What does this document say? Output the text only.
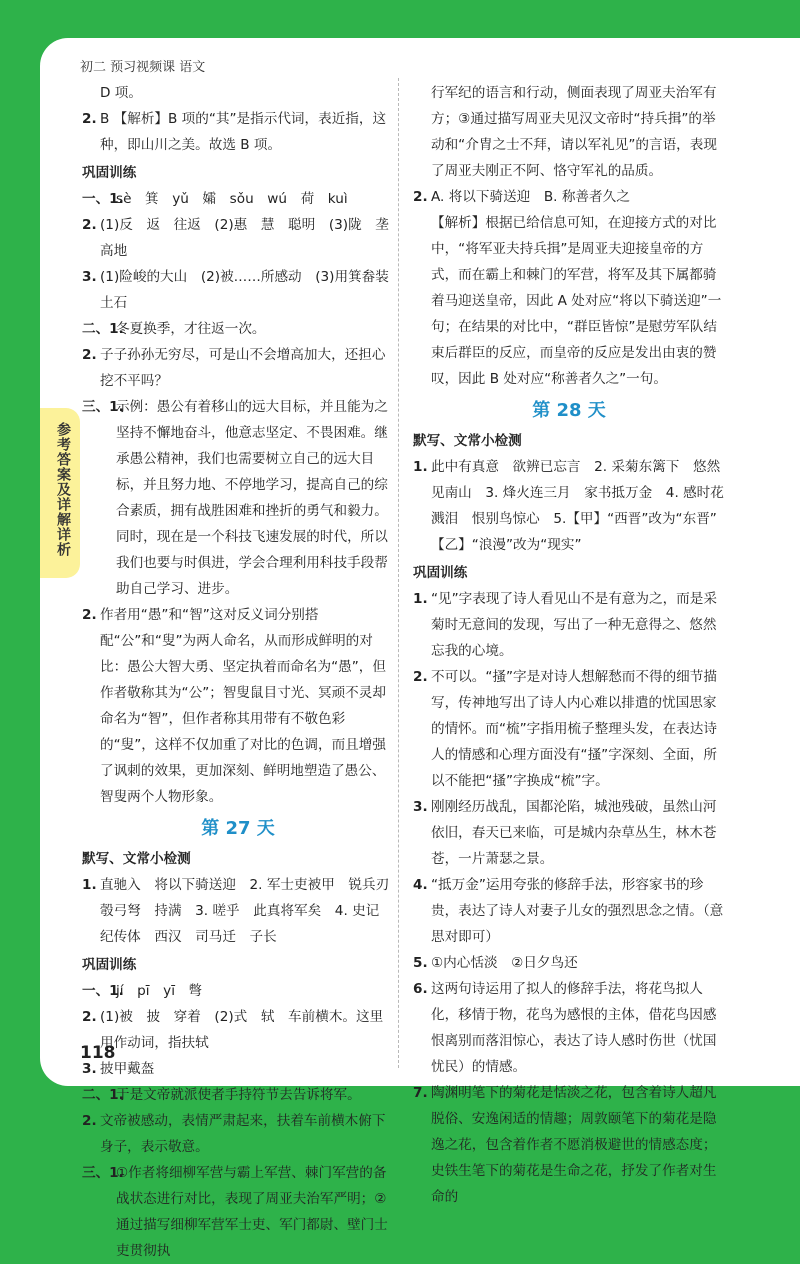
初二 预习视频课 语文
参考答案及详解详析
D 项。
2. B 【解析】B 项的“其”是指示代词，表近指，这种，即山川之美。故选 B 项。
巩固训练
一、1.
sè　箕　yǔ　孀　sǒu　wú　荷　kuì
2. (1)反　返　往返　(2)惠　慧　聪明　(3)陇　垄　高地
3. (1)险峻的大山　(2)被……所感动　(3)用箕畚装土石
二、1.
冬夏换季，才往返一次。
2. 子子孙孙无穷尽，可是山不会增高加大，还担心挖不平吗？
三、1.
示例：愚公有着移山的远大目标，并且能为之坚持不懈地奋斗，他意志坚定、不畏困难。继承愚公精神，我们也需要树立自己的远大目标，并且努力地、不停地学习，提高自己的综合素质，拥有战胜困难和挫折的勇气和毅力。同时，现在是一个科技飞速发展的时代，所以我们也要与时俱进，学会合理利用科技手段帮助自己学习、进步。
2. 作者用“愚”和“智”这对反义词分别搭配“公”和“叟”为两人命名，从而形成鲜明的对比：愚公大智大勇、坚定执着而命名为“愚”，但作者敬称其为“公”；智叟鼠目寸光、冥顽不灵却命名为“智”，但作者称其用带有不敬色彩的“叟”，这样不仅加重了对比的色调，而且增强了讽刺的效果，更加深刻、鲜明地塑造了愚公、智叟两个人物形象。
第 27 天
默写、文常小检测
1. 直驰入　将以下骑送迎　2. 军士吏被甲　锐兵刃　彀弓弩　持满　3. 嗟乎　此真将军矣　4. 史记　纪传体　西汉　司马迁　子长
巩固训练
一、1.
jí　pī　yī　彆
2. (1)被　披　穿着　(2)式　轼　车前横木。这里用作动词，指扶轼
3. 披甲戴盔
二、1.
于是文帝就派使者手持符节去告诉将军。
2. 文帝被感动，表情严肃起来，扶着车前横木俯下身子，表示敬意。
三、1.
①作者将细柳军营与霸上军营、棘门军营的备战状态进行对比，表现了周亚夫治军严明；②通过描写细柳军营军士吏、军门都尉、壁门士吏贯彻执
行军纪的语言和行动，侧面表现了周亚夫治军有方；③通过描写周亚夫见汉文帝时“持兵揖”的举动和“介胄之士不拜，请以军礼见”的言语，表现了周亚夫刚正不阿、恪守军礼的品质。
2. A. 将以下骑送迎　B. 称善者久之
【解析】根据已给信息可知，在迎接方式的对比中，“将军亚夫持兵揖”是周亚夫迎接皇帝的方式，而在霸上和棘门的军营，将军及其下属都骑着马迎送皇帝，因此 A 处对应“将以下骑送迎”一句；在结果的对比中，“群臣皆惊”是慰劳军队结束后群臣的反应，而皇帝的反应是发出由衷的赞叹，因此 B 处对应“称善者久之”一句。
第 28 天
默写、文常小检测
1. 此中有真意　欲辨已忘言　2. 采菊东篱下　悠然见南山　3. 烽火连三月　家书抵万金　4. 感时花溅泪　恨别鸟惊心　5.【甲】“西晋”改为“东晋”　【乙】“浪漫”改为“现实”
巩固训练
1. “见”字表现了诗人看见山不是有意为之，而是采菊时无意间的发现，写出了一种无意得之、悠然忘我的心境。
2. 不可以。“搔”字是对诗人想解愁而不得的细节描写，传神地写出了诗人内心难以排遣的忧国思家的情怀。而“梳”字指用梳子整理头发，在表达诗人的情感和心理方面没有“搔”字深刻、全面，所以不能把“搔”字换成“梳”字。
3. 刚刚经历战乱，国都沦陷，城池残破，虽然山河依旧，春天已来临，可是城内杂草丛生，林木苍苍，一片萧瑟之景。
4. “抵万金”运用夸张的修辞手法，形容家书的珍贵，表达了诗人对妻子儿女的强烈思念之情。（意思对即可）
5. ①内心恬淡　②日夕鸟还
6. 这两句诗运用了拟人的修辞手法，将花鸟拟人化，移情于物，花鸟为感恨的主体，借花鸟因感恨离别而落泪惊心，表达了诗人感时伤世（忧国忧民）的情感。
7. 陶渊明笔下的菊花是恬淡之花，包含着诗人超凡脱俗、安逸闲适的情趣；周敦颐笔下的菊花是隐逸之花，包含着作者不愿消极避世的情感态度；史铁生笔下的菊花是生命之花，抒发了作者对生命的
118
